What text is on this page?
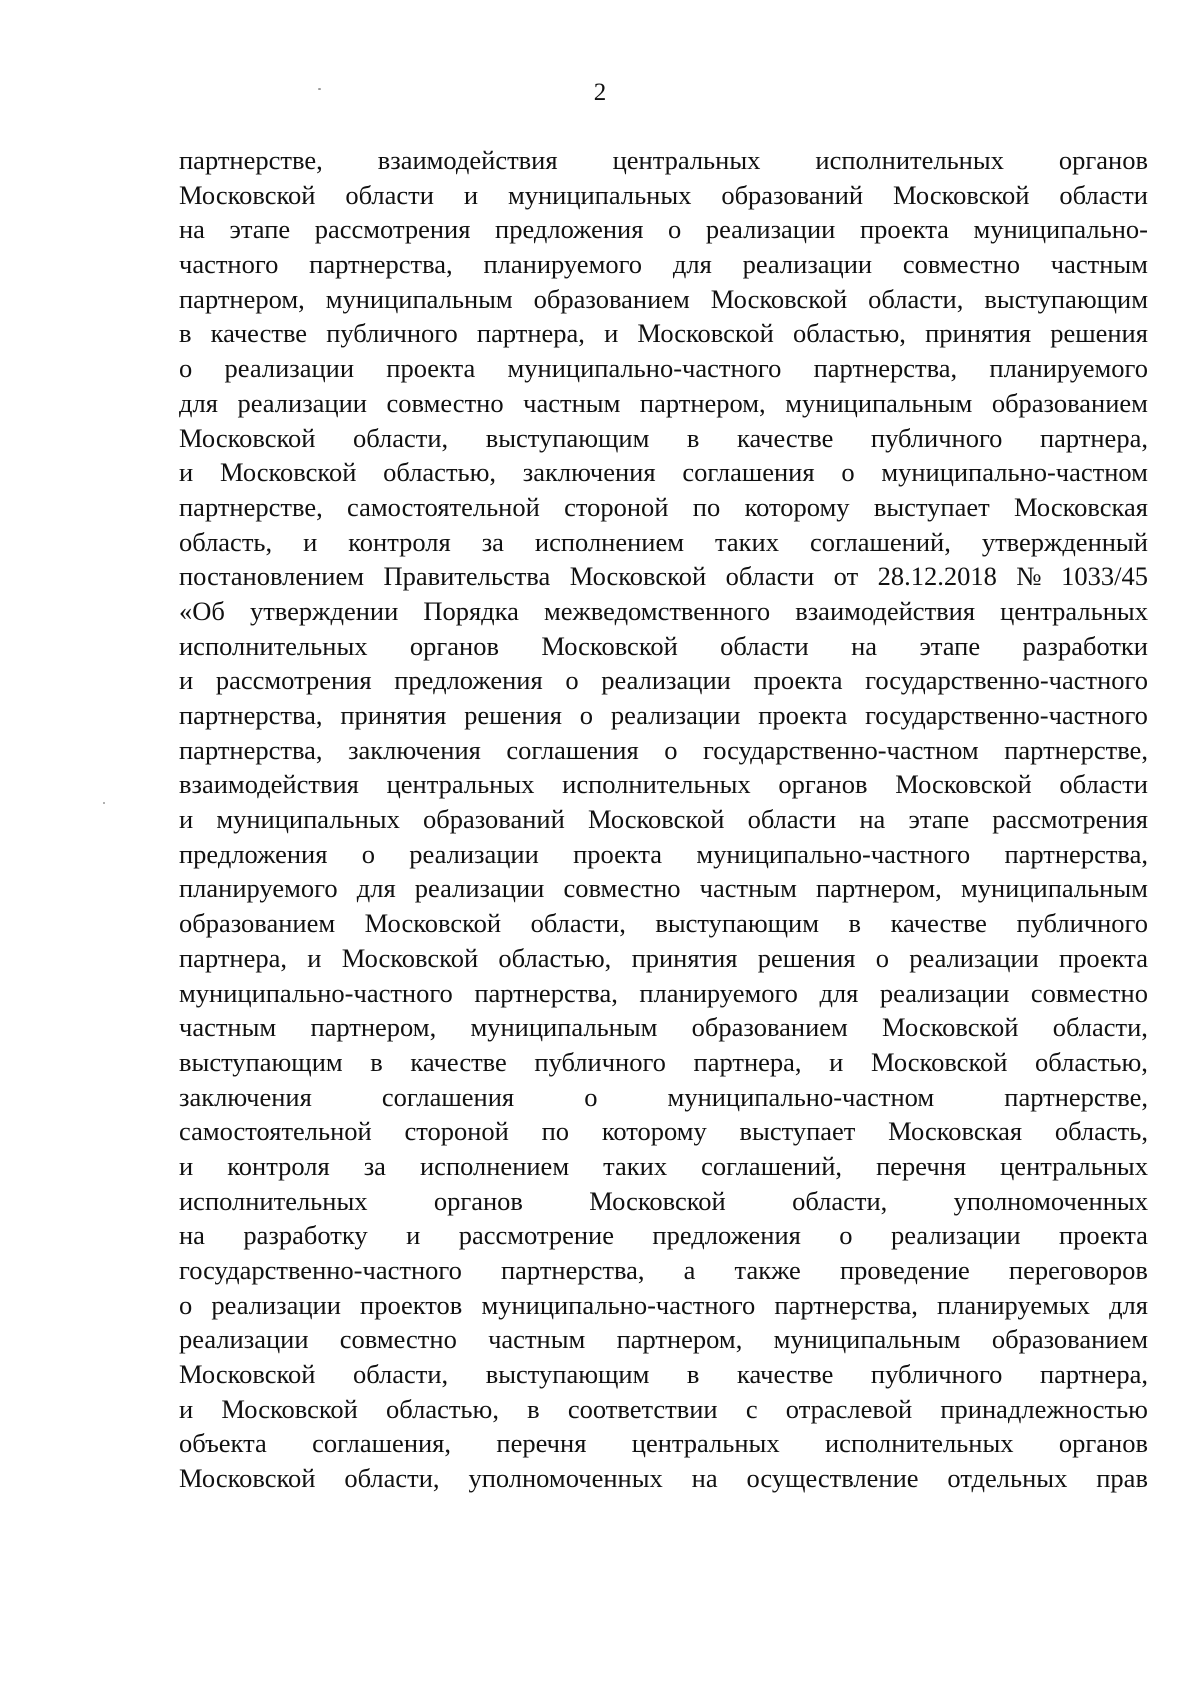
2
партнерстве, взаимодействия центральных исполнительных органов
Московской области и муниципальных образований Московской области
на этапе рассмотрения предложения о реализации проекта муниципально-
частного партнерства, планируемого для реализации совместно частным
партнером, муниципальным образованием Московской области, выступающим
в качестве публичного партнера, и Московской областью, принятия решения
о реализации проекта муниципально-частного партнерства, планируемого
для реализации совместно частным партнером, муниципальным образованием
Московской области, выступающим в качестве публичного партнера,
и Московской областью, заключения соглашения о муниципально-частном
партнерстве, самостоятельной стороной по которому выступает Московская
область, и контроля за исполнением таких соглашений, утвержденный
постановлением Правительства Московской области от 28.12.2018 № 1033/45
«Об утверждении Порядка межведомственного взаимодействия центральных
исполнительных органов Московской области на этапе разработки
и рассмотрения предложения о реализации проекта государственно-частного
партнерства, принятия решения о реализации проекта государственно-частного
партнерства, заключения соглашения о государственно-частном партнерстве,
взаимодействия центральных исполнительных органов Московской области
и муниципальных образований Московской области на этапе рассмотрения
предложения о реализации проекта муниципально-частного партнерства,
планируемого для реализации совместно частным партнером, муниципальным
образованием Московской области, выступающим в качестве публичного
партнера, и Московской областью, принятия решения о реализации проекта
муниципально-частного партнерства, планируемого для реализации совместно
частным партнером, муниципальным образованием Московской области,
выступающим в качестве публичного партнера, и Московской областью,
заключения	соглашения	о	муниципально-частном	партнерстве,
самостоятельной стороной по которому выступает Московская область,
и контроля за исполнением таких соглашений, перечня центральных
исполнительных	органов	Московской	области,	уполномоченных
на разработку и рассмотрение предложения о реализации проекта
государственно-частного партнерства, а также проведение переговоров
о реализации проектов муниципально-частного партнерства, планируемых для
реализации совместно частным партнером, муниципальным образованием
Московской области, выступающим в качестве публичного партнера,
и Московской областью, в соответствии с отраслевой принадлежностью
объекта соглашения, перечня центральных исполнительных органов
Московской области, уполномоченных на осуществление отдельных прав
